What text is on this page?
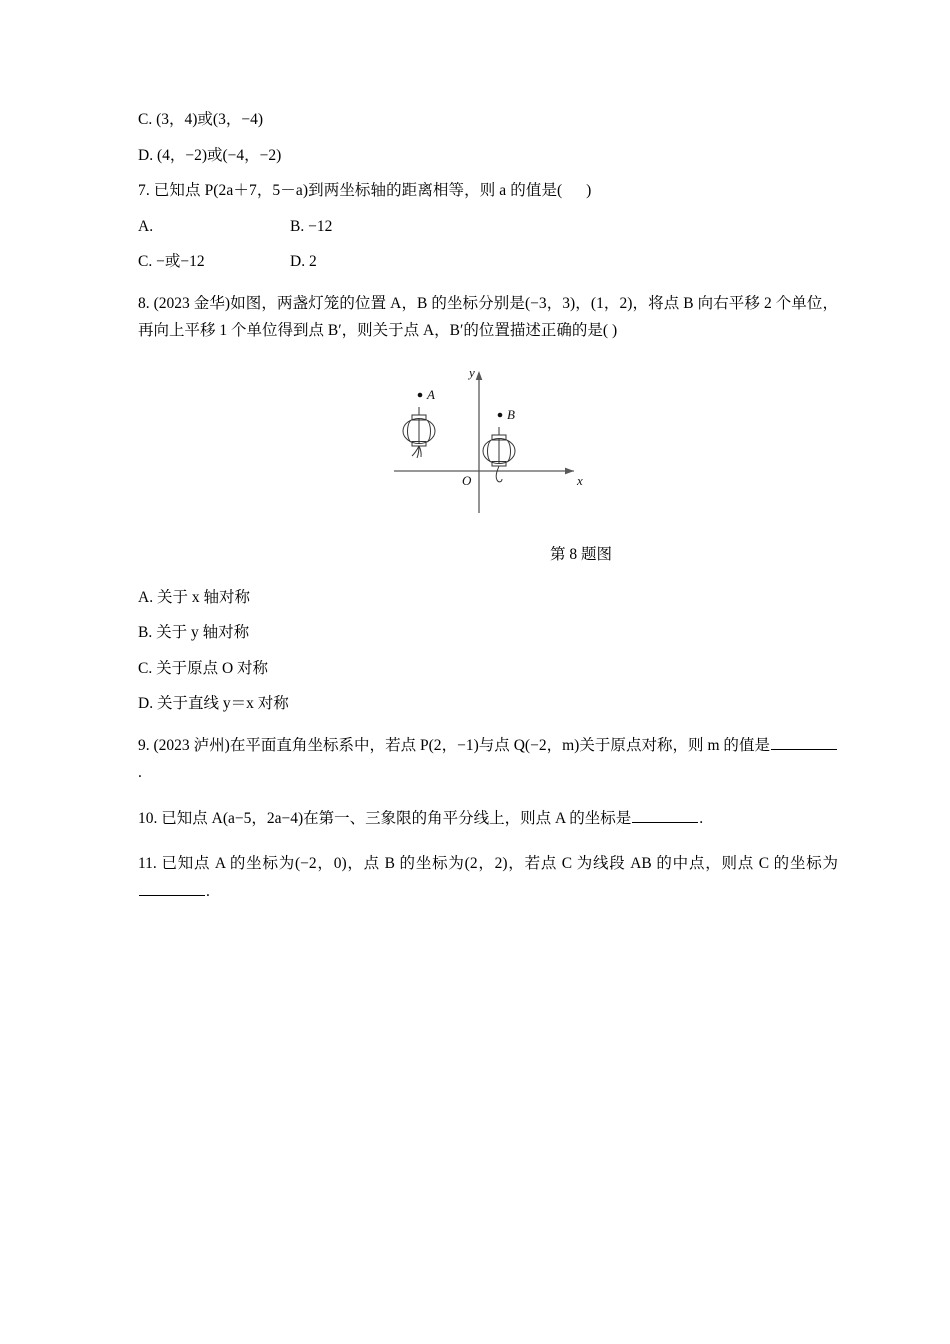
C. (3，4)或(3，−4)
D. (4，−2)或(−4，−2)
7. 已知点 P(2a＋7，5－a)到两坐标轴的距离相等，则 a 的值是(      )
A.	B. −12
C. −或−12	D. 2
8. (2023 金华)如图，两盏灯笼的位置 A，B 的坐标分别是(−3，3)，(1，2)，将点 B 向右平移 2 个单位，再向上平移 1 个单位得到点 B′，则关于点 A，B′的位置描述正确的是( )
y
x
O
A
B
第 8 题图
A. 关于 x 轴对称
B. 关于 y 轴对称
C. 关于原点 O 对称
D. 关于直线 y＝x 对称
9. (2023 泸州)在平面直角坐标系中，若点 P(2，−1)与点 Q(−2，m)关于原点对称，则 m 的值是.
10. 已知点 A(a−5，2a−4)在第一、三象限的角平分线上，则点 A 的坐标是	.
11. 已知点 A 的坐标为(−2，0)，点 B 的坐标为(2，2)，若点 C 为线段 AB 的中点，则点 C 的坐标为.
